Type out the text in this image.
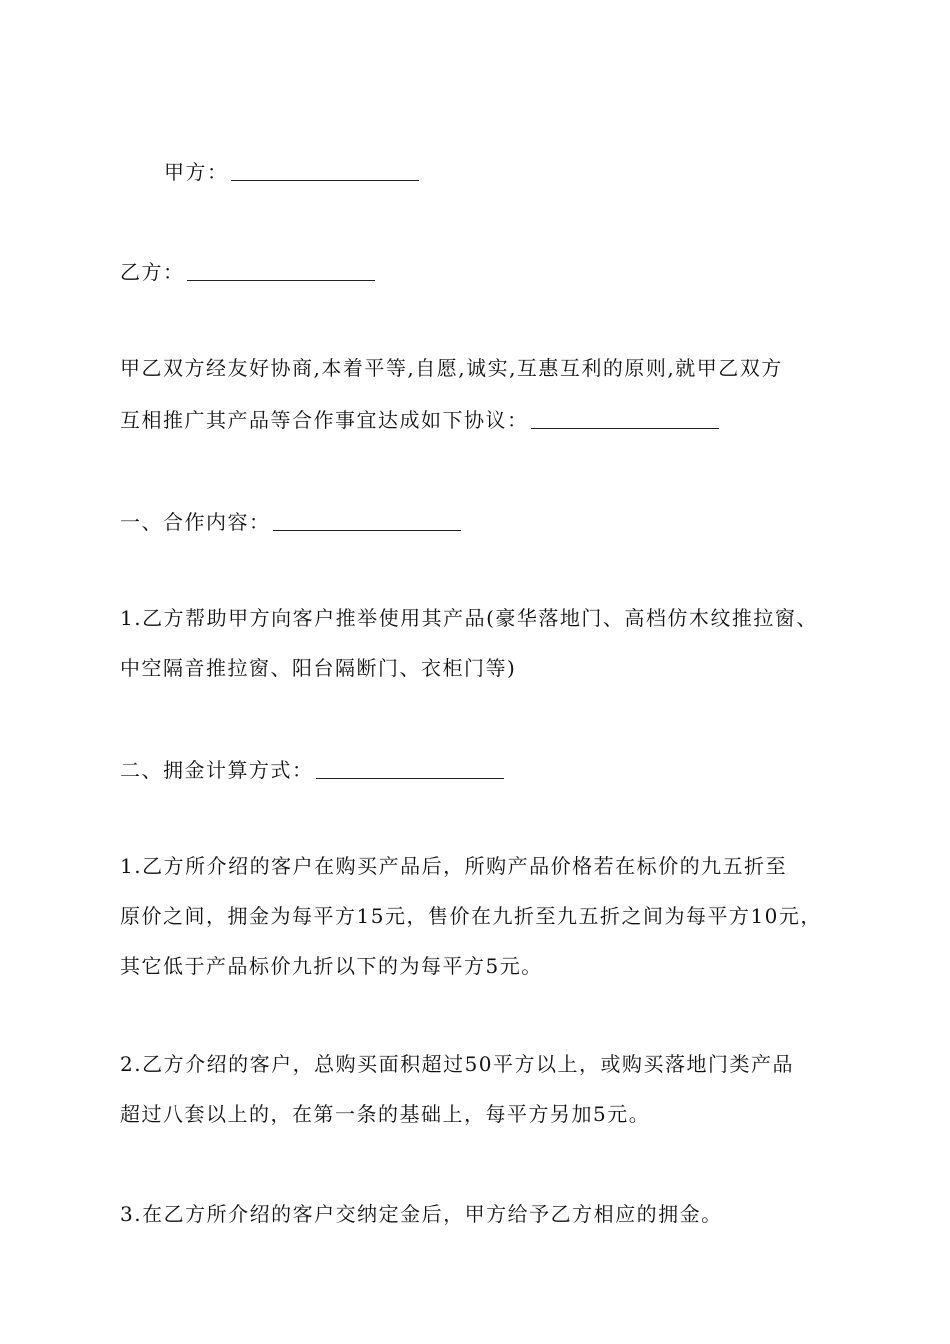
甲方：
乙方：
甲乙双方经友好协商,本着平等,自愿,诚实,互惠互利的原则,就甲乙双方
互相推广其产品等合作事宜达成如下协议：
一、合作内容：
1.乙方帮助甲方向客户推举使用其产品(豪华落地门、高档仿木纹推拉窗、
中空隔音推拉窗、阳台隔断门、衣柜门等)
二、拥金计算方式：
1.乙方所介绍的客户在购买产品后，所购产品价格若在标价的九五折至
原价之间，拥金为每平方15元，售价在九折至九五折之间为每平方10元，
其它低于产品标价九折以下的为每平方5元。
2.乙方介绍的客户，总购买面积超过50平方以上，或购买落地门类产品
超过八套以上的，在第一条的基础上，每平方另加5元。
3.在乙方所介绍的客户交纳定金后，甲方给予乙方相应的拥金。
